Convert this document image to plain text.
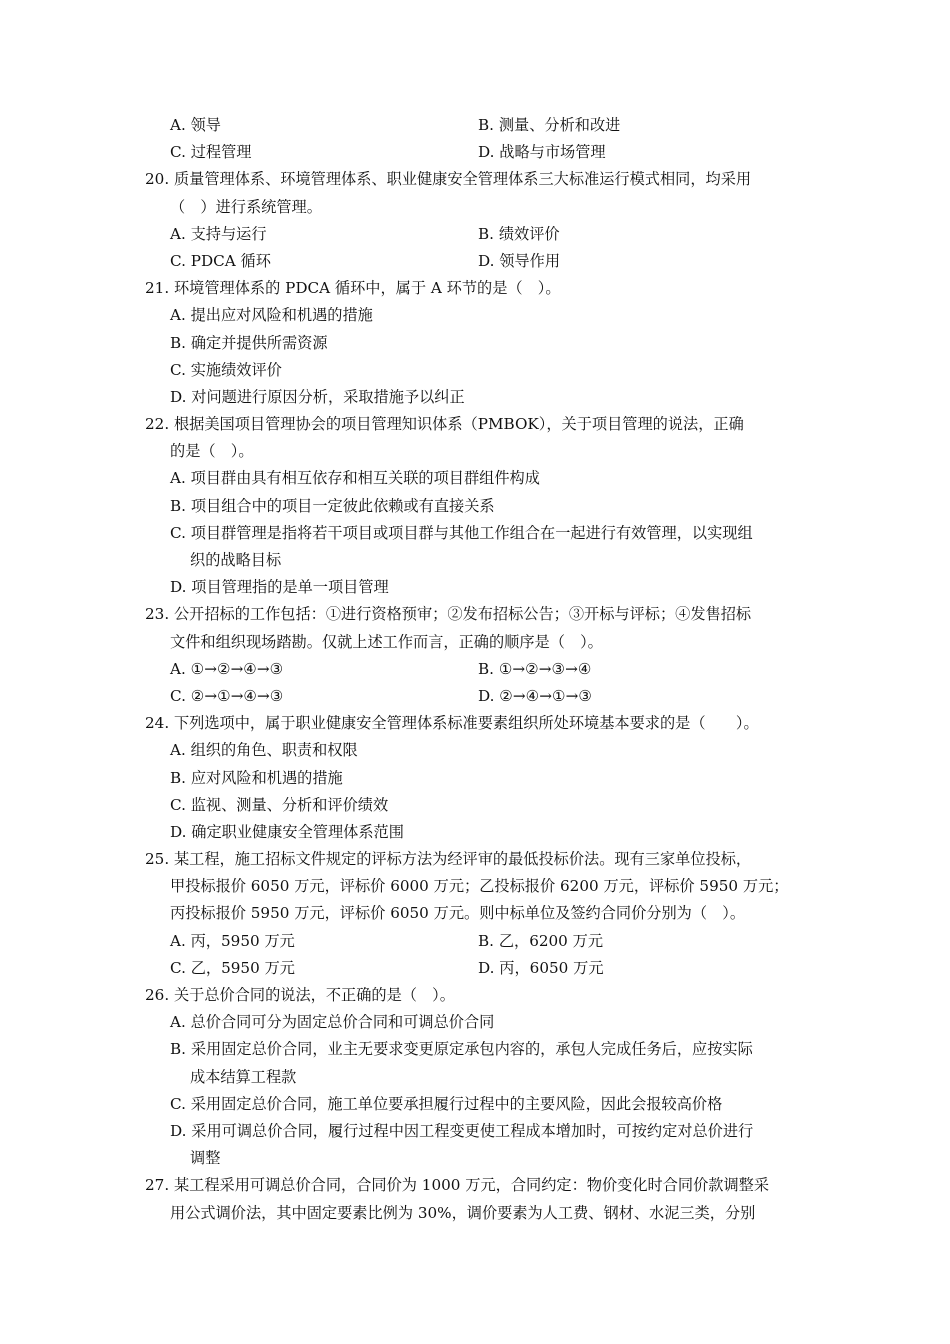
A. 领导	B. 测量、分析和改进
C. 过程管理	D. 战略与市场管理
20. 质量管理体系、环境管理体系、职业健康安全管理体系三大标准运行模式相同，均采用
（　）进行系统管理。
A. 支持与运行	B. 绩效评价
C. PDCA 循环	D. 领导作用
21. 环境管理体系的 PDCA 循环中，属于 A 环节的是（　）。
A. 提出应对风险和机遇的措施
B. 确定并提供所需资源
C. 实施绩效评价
D. 对问题进行原因分析，采取措施予以纠正
22. 根据美国项目管理协会的项目管理知识体系（PMBOK），关于项目管理的说法，正确
的是（　）。
A. 项目群由具有相互依存和相互关联的项目群组件构成
B. 项目组合中的项目一定彼此依赖或有直接关系
C. 项目群管理是指将若干项目或项目群与其他工作组合在一起进行有效管理，以实现组
织的战略目标
D. 项目管理指的是单一项目管理
23. 公开招标的工作包括：①进行资格预审；②发布招标公告；③开标与评标；④发售招标
文件和组织现场踏勘。仅就上述工作而言，正确的顺序是（　）。
A. ①→②→④→③	B. ①→②→③→④
C. ②→①→④→③	D. ②→④→①→③
24. 下列选项中，属于职业健康安全管理体系标准要素组织所处环境基本要求的是（　　）。
A. 组织的角色、职责和权限
B. 应对风险和机遇的措施
C. 监视、测量、分析和评价绩效
D. 确定职业健康安全管理体系范围
25. 某工程，施工招标文件规定的评标方法为经评审的最低投标价法。现有三家单位投标，
甲投标报价 6050 万元，评标价 6000 万元；乙投标报价 6200 万元，评标价 5950 万元；
丙投标报价 5950 万元，评标价 6050 万元。则中标单位及签约合同价分别为（　）。
A. 丙，5950 万元	B. 乙，6200 万元
C. 乙，5950 万元	D. 丙，6050 万元
26. 关于总价合同的说法，不正确的是（　）。
A. 总价合同可分为固定总价合同和可调总价合同
B. 采用固定总价合同，业主无要求变更原定承包内容的，承包人完成任务后，应按实际
成本结算工程款
C. 采用固定总价合同，施工单位要承担履行过程中的主要风险，因此会报较高价格
D. 采用可调总价合同，履行过程中因工程变更使工程成本增加时，可按约定对总价进行
调整
27. 某工程采用可调总价合同，合同价为 1000 万元，合同约定：物价变化时合同价款调整采
用公式调价法，其中固定要素比例为 30%，调价要素为人工费、钢材、水泥三类，分别
